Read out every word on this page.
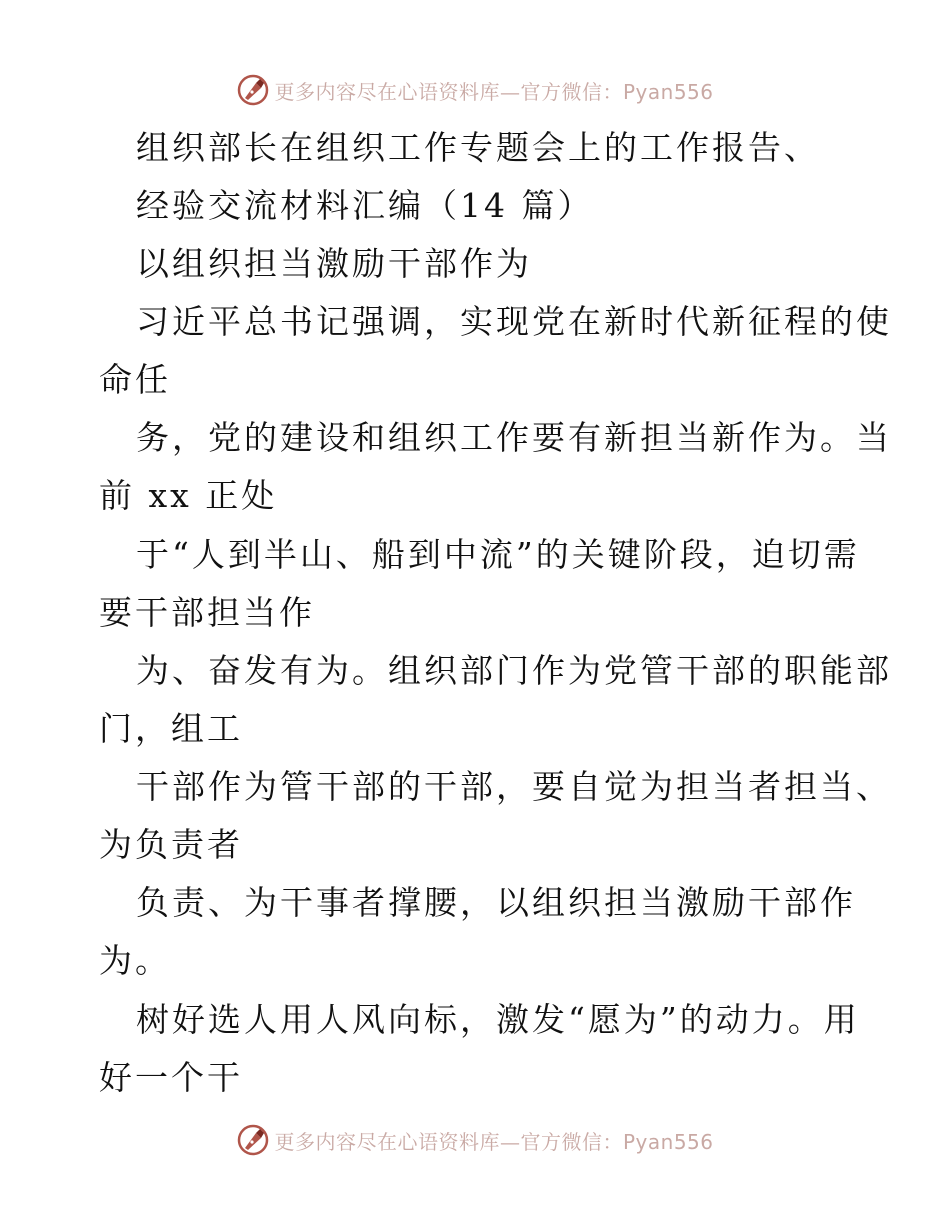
更多内容尽在心语资料库—官方微信：Pyan556
组织部长在组织工作专题会上的工作报告、
经验交流材料汇编（14 篇）
以组织担当激励干部作为
习近平总书记强调，实现党在新时代新征程的使
命任
务，党的建设和组织工作要有新担当新作为。当
前 xx 正处
于“人到半山、船到中流”的关键阶段，迫切需
要干部担当作
为、奋发有为。组织部门作为党管干部的职能部
门，组工
干部作为管干部的干部，要自觉为担当者担当、
为负责者
负责、为干事者撑腰，以组织担当激励干部作
为。
树好选人用人风向标，激发“愿为”的动力。用
好一个干
更多内容尽在心语资料库—官方微信：Pyan556
